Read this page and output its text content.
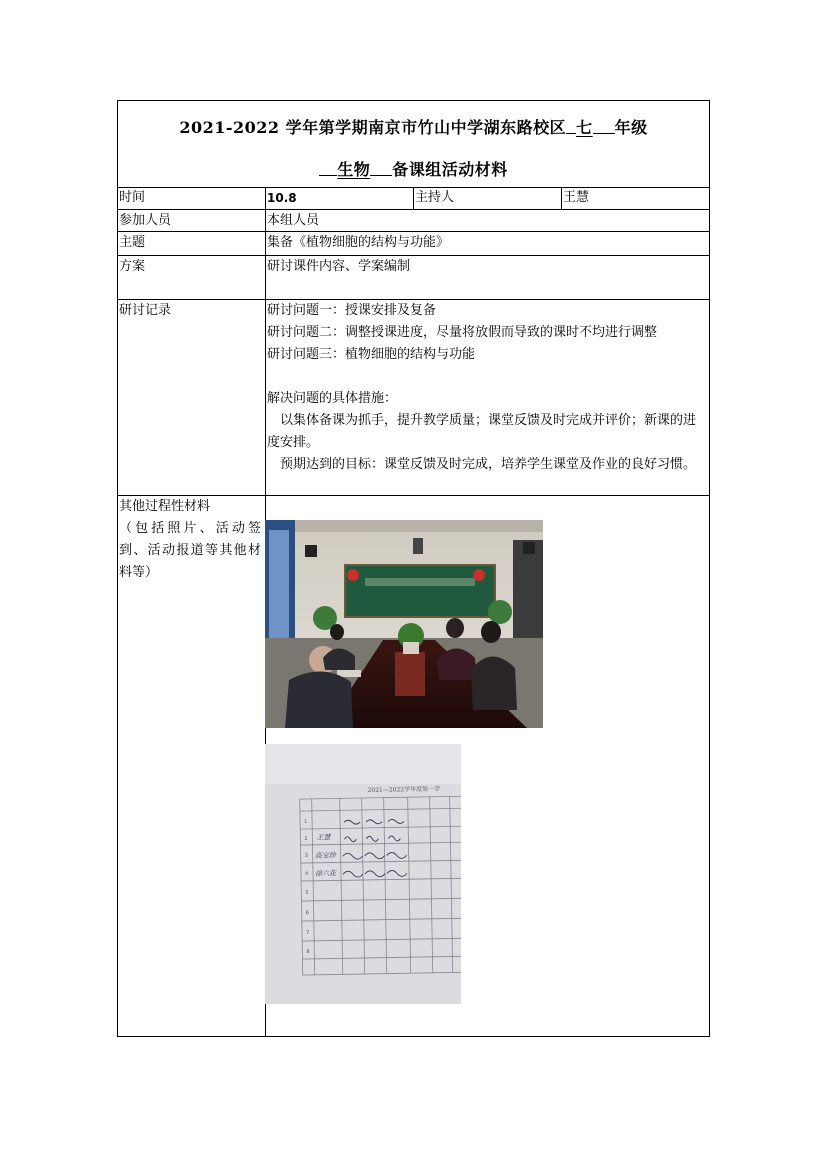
2021-2022 学年第学期南京市竹山中学湖东路校区 七 年级
生物 备课组活动材料
时间	10.8	主持人	王慧
参加人员	本组人员
主题	集备《植物细胞的结构与功能》
方案	研讨课件内容、学案编制
研讨记录	研讨问题一：授课安排及复备
研讨问题二：调整授课进度，尽量将放假而导致的课时不均进行调整
研讨问题三：植物细胞的结构与功能
解决问题的具体措施：
以集体备课为抓手，提升教学质量；课堂反馈及时完成并评价；新课的进度安排。
预期达到的目标：课堂反馈及时完成，培养学生课堂及作业的良好习惯。
其他过程性材料
（包括照片、活动签到、活动报道等其他材料等）
2021—2022学年度第一学
1
2
3
4
5
6
7
8
王慧
高宝珍
徐六花
